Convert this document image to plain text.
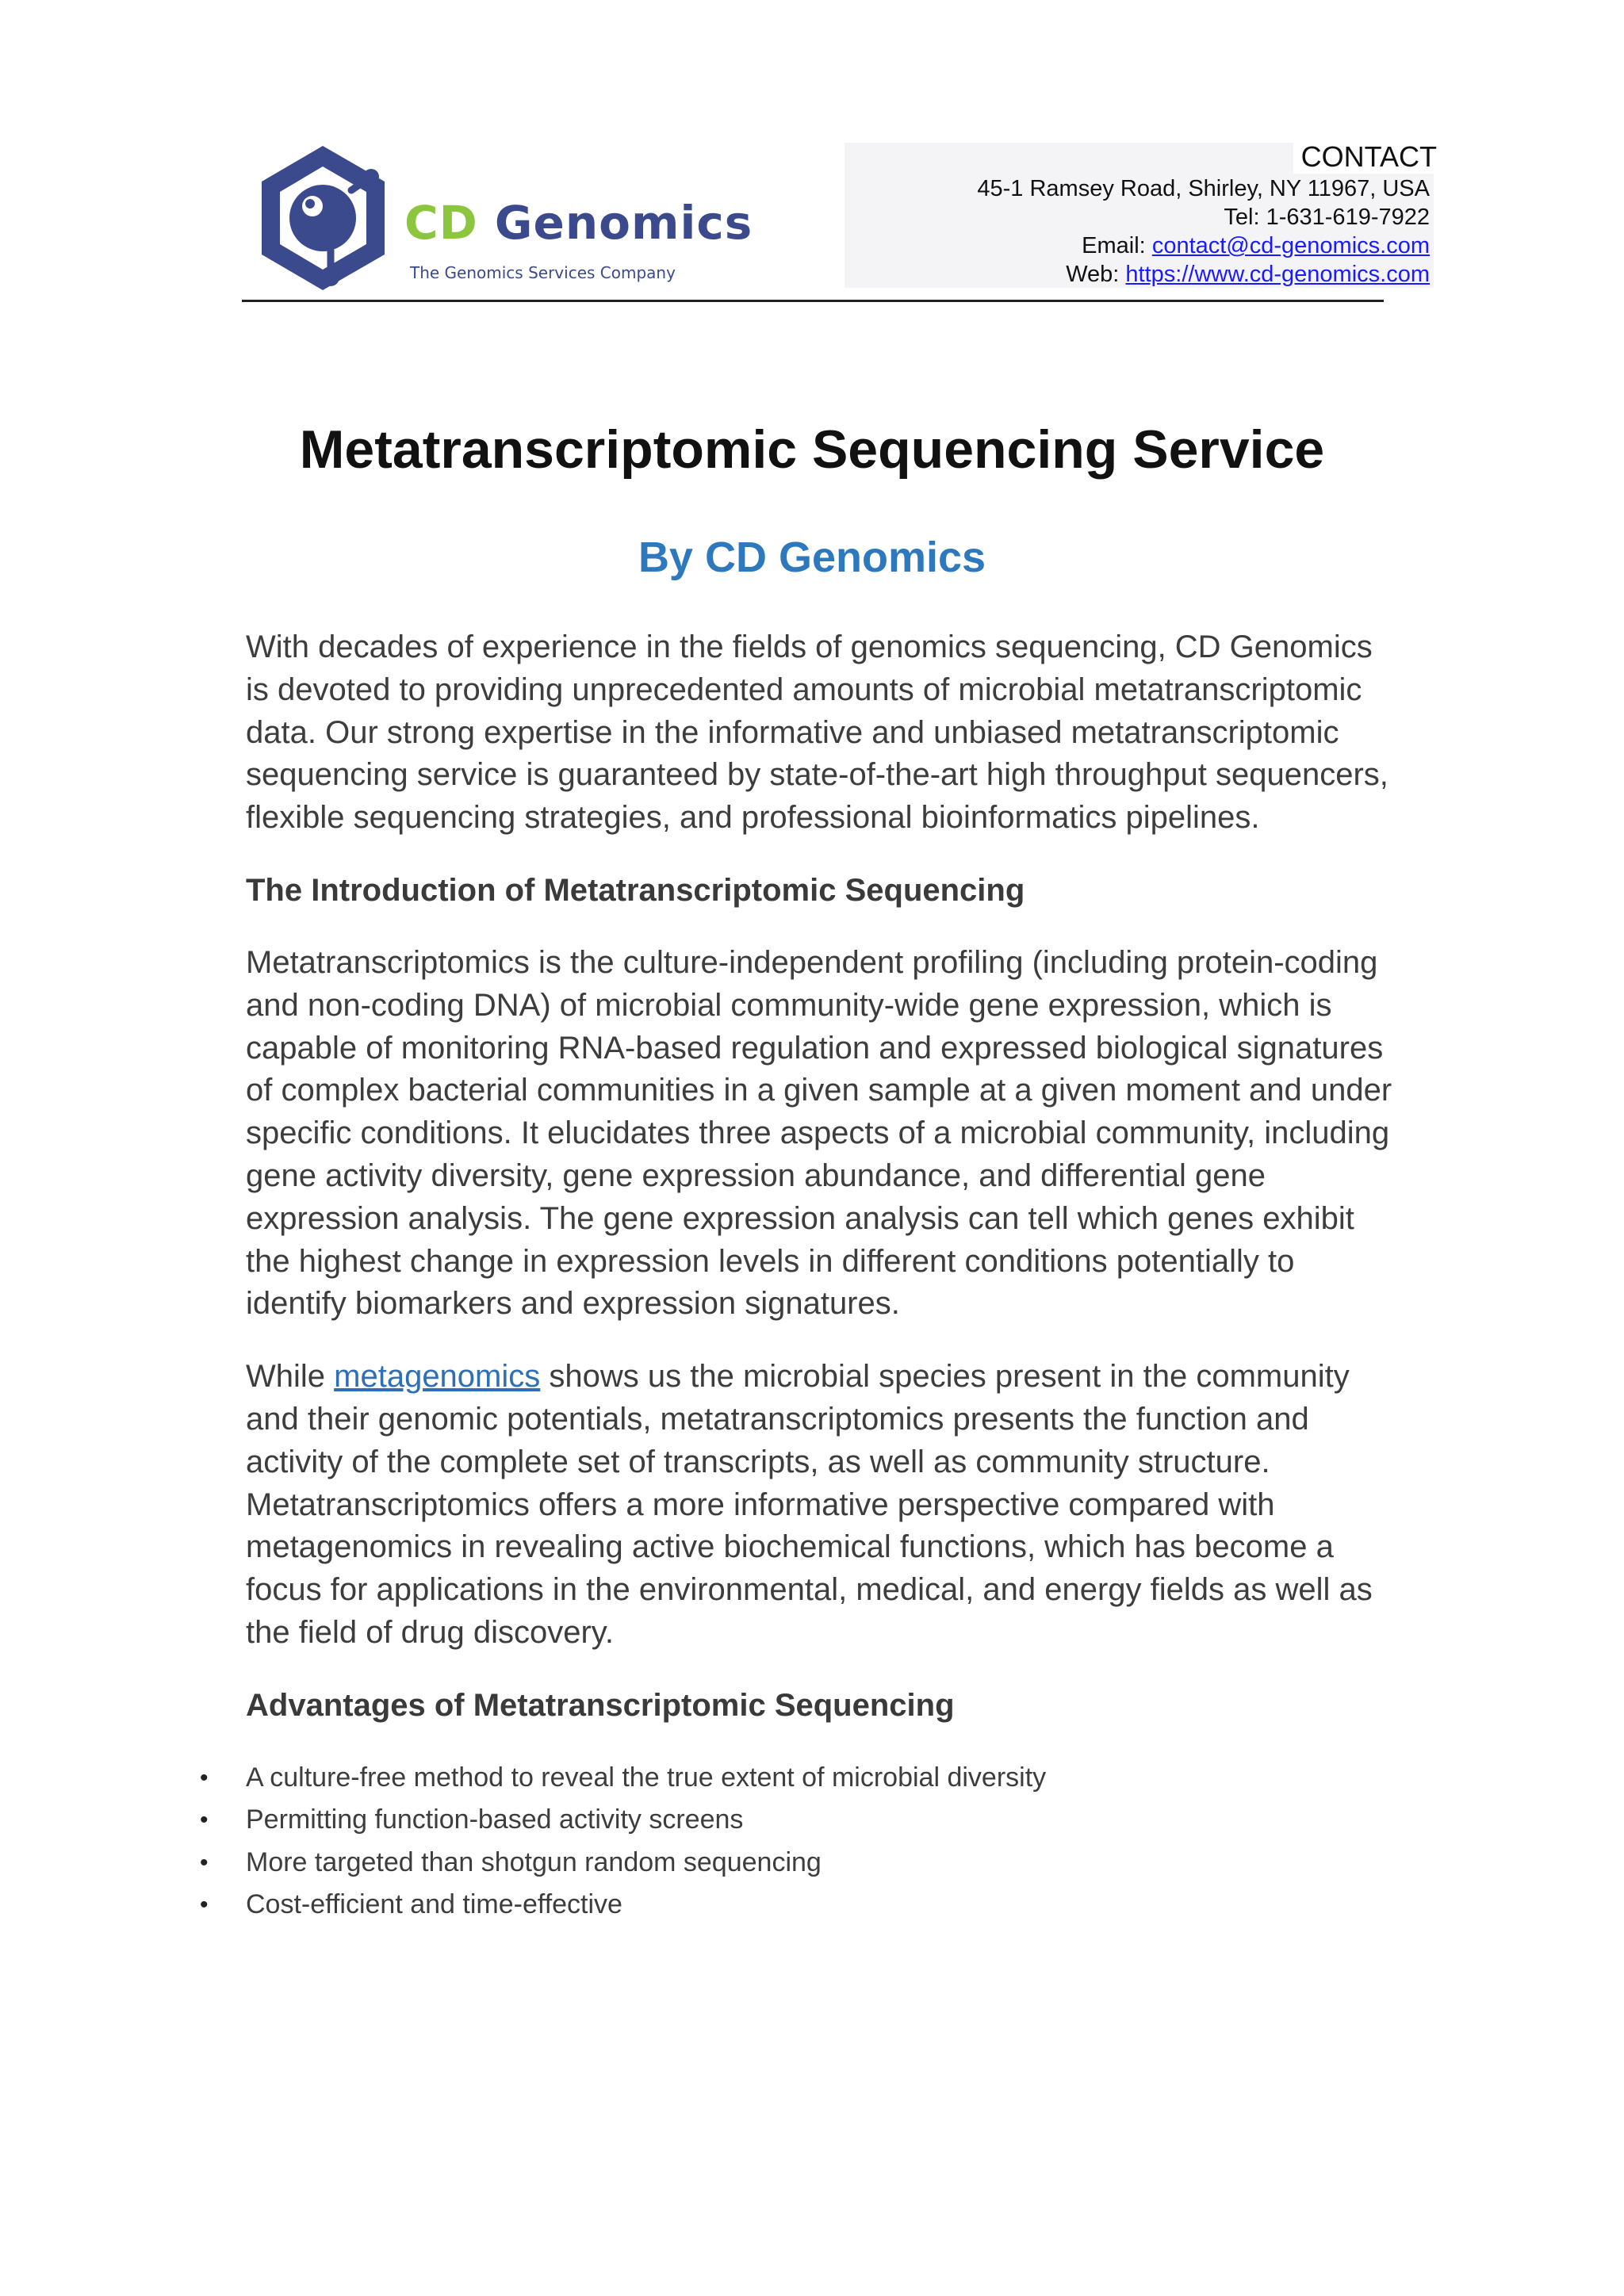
CD Genomics
The Genomics Services Company
CONTACT
45-1 Ramsey Road, Shirley, NY 11967, USA
Tel: 1-631-619-7922
Email: contact@cd-genomics.com
Web: https://www.cd-genomics.com
Metatranscriptomic Sequencing Service
By CD Genomics

With decades of experience in the fields of genomics sequencing, CD Genomics is devoted to providing unprecedented amounts of microbial metatranscriptomic data. Our strong expertise in the informative and unbiased metatranscriptomic sequencing service is guaranteed by state-of-the-art high throughput sequencers, flexible sequencing strategies, and professional bioinformatics pipelines.

The Introduction of Metatranscriptomic Sequencing

Metatranscriptomics is the culture-independent profiling (including protein-coding and non-coding DNA) of microbial community-wide gene expression, which is capable of monitoring RNA-based regulation and expressed biological signatures of complex bacterial communities in a given sample at a given moment and under specific conditions. It elucidates three aspects of a microbial community, including gene activity diversity, gene expression abundance, and differential gene expression analysis. The gene expression analysis can tell which genes exhibit the highest change in expression levels in different conditions potentially to identify biomarkers and expression signatures.

While metagenomics shows us the microbial species present in the community and their genomic potentials, metatranscriptomics presents the function and activity of the complete set of transcripts, as well as community structure. Metatranscriptomics offers a more informative perspective compared with metagenomics in revealing active biochemical functions, which has become a focus for applications in the environmental, medical, and energy fields as well as the field of drug discovery.

Advantages of Metatranscriptomic Sequencing
• A culture-free method to reveal the true extent of microbial diversity
• Permitting function-based activity screens
• More targeted than shotgun random sequencing
• Cost-efficient and time-effective
